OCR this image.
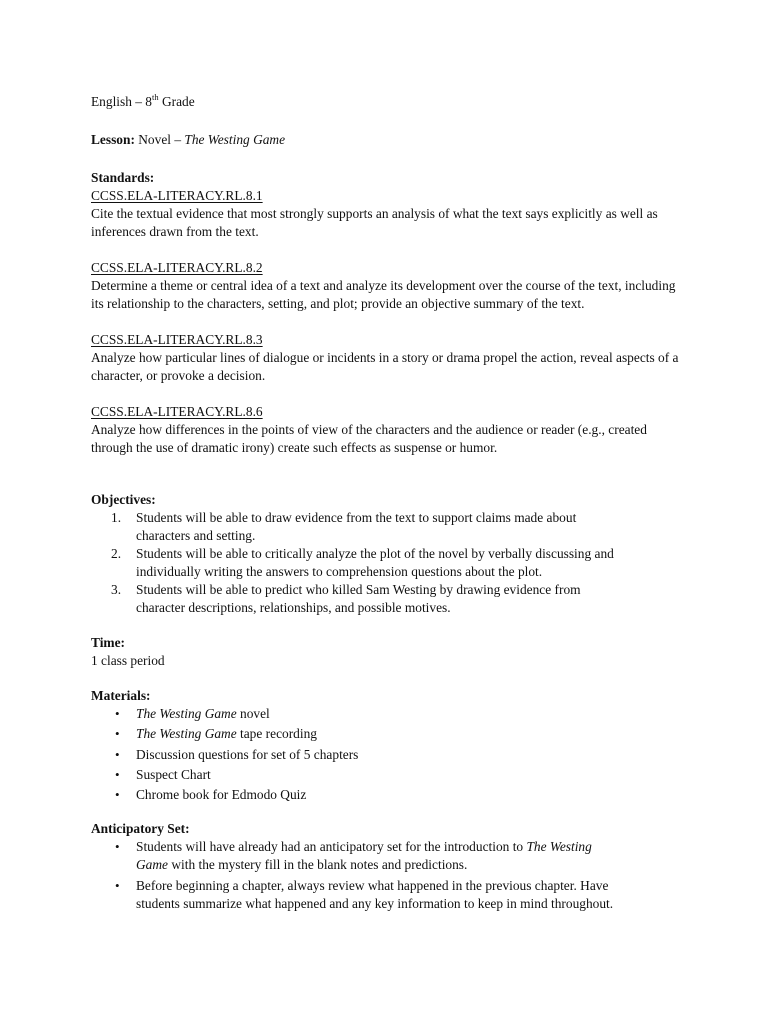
English – 8th Grade

Lesson: Novel – The Westing Game

Standards:

CCSS.ELA-LITERACY.RL.8.1

Cite the textual evidence that most strongly supports an analysis of what the text says explicitly as well as inferences drawn from the text.

CCSS.ELA-LITERACY.RL.8.2

Determine a theme or central idea of a text and analyze its development over the course of the text, including its relationship to the characters, setting, and plot; provide an objective summary of the text.

CCSS.ELA-LITERACY.RL.8.3

Analyze how particular lines of dialogue or incidents in a story or drama propel the action, reveal aspects of a character, or provoke a decision.

CCSS.ELA-LITERACY.RL.8.6

Analyze how differences in the points of view of the characters and the audience or reader (e.g., created through the use of dramatic irony) create such effects as suspense or humor.

Objectives:

1. Students will be able to draw evidence from the text to support claims made about
characters and setting.
2. Students will be able to critically analyze the plot of the novel by verbally discussing and
individually writing the answers to comprehension questions about the plot.
3. Students will be able to predict who killed Sam Westing by drawing evidence from
character descriptions, relationships, and possible motives.

Time:

1 class period

Materials:

• The Westing Game novel
• The Westing Game tape recording
• Discussion questions for set of 5 chapters
• Suspect Chart
• Chrome book for Edmodo Quiz

Anticipatory Set:

• Students will have already had an anticipatory set for the introduction to The Westing
Game with the mystery fill in the blank notes and predictions.
• Before beginning a chapter, always review what happened in the previous chapter. Have
students summarize what happened and any key information to keep in mind throughout.
